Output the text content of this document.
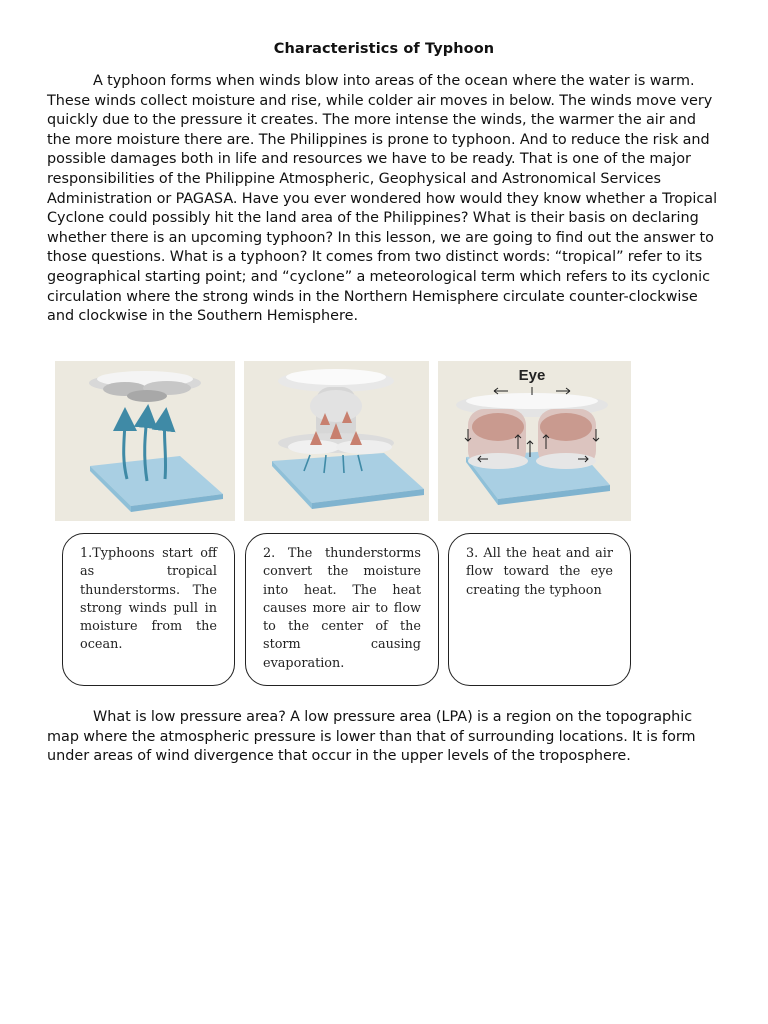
Characteristics of Typhoon

A typhoon forms when winds blow into areas of the ocean where the water is warm. These winds collect moisture and rise, while colder air moves in below. The winds move very quickly due to the pressure it creates. The more intense the winds, the warmer the air and the more moisture there are. The Philippines is prone to typhoon. And to reduce the risk and possible damages both in life and resources we have to be ready. That is one of the major responsibilities of the Philippine Atmospheric, Geophysical and Astronomical Services Administration or PAGASA. Have you ever wondered how would they know whether a Tropical Cyclone could possibly hit the land area of the Philippines? What is their basis on declaring whether there is an upcoming typhoon? In this lesson, we are going to find out the answer to those questions. What is a typhoon? It comes from two distinct words: “tropical” refer to its geographical starting point; and “cyclone” a meteorological term which refers to its cyclonic circulation where the strong winds in the Northern Hemisphere circulate counter-clockwise and clockwise in the Southern Hemisphere.

Eye
1.Typhoons start off as tropical thunderstorms. The strong winds pull in moisture from the ocean.
2. The thunderstorms convert the moisture into heat. The heat causes more air to flow to the center of the storm causing evaporation.
3. All the heat and air flow toward the eye creating the typhoon

What is low pressure area? A low pressure area (LPA) is a region on the topographic map where the atmospheric pressure is lower than that of surrounding locations. It is form under areas of wind divergence that occur in the upper levels of the troposphere.
